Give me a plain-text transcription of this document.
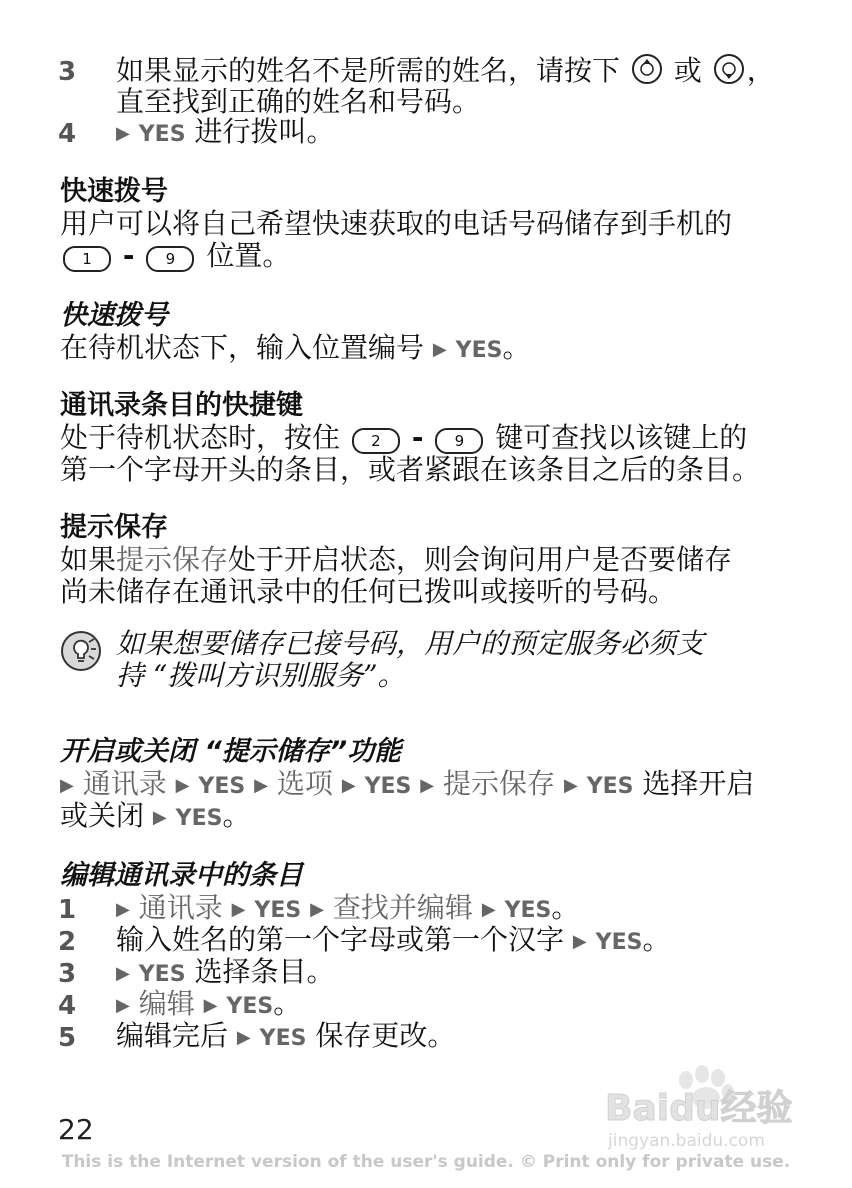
3 如果显示的姓名不是所需的姓名，请按下 或 ，
直至找到正确的姓名和号码。
4 ▶ YES 进行拨叫。
快速拨号
用户可以将自己希望快速获取的电话号码储存到手机的
1 - 9 位置。
快速拨号
在待机状态下，输入位置编号 ▶ YES。
通讯录条目的快捷键
处于待机状态时，按住 2 - 9 键可查找以该键上的
第一个字母开头的条目，或者紧跟在该条目之后的条目。
提示保存
如果提示保存处于开启状态，则会询问用户是否要储存
尚未储存在通讯录中的任何已拨叫或接听的号码。
如果想要储存已接号码，用户的预定服务必须支
持 “拨叫方识别服务”。
开启或关闭 “提示储存”功能
▶ 通讯录 ▶ YES ▶ 选项 ▶ YES ▶ 提示保存 ▶ YES 选择开启
或关闭 ▶ YES。
编辑通讯录中的条目
1 ▶ 通讯录 ▶ YES ▶ 查找并编辑 ▶ YES。
2 输入姓名的第一个字母或第一个汉字 ▶ YES。
3 ▶ YES 选择条目。
4 ▶ 编辑 ▶ YES。
5 编辑完后 ▶ YES 保存更改。
Baidu经验
jingyan.baidu.com
22
This is the Internet version of the user's guide. © Print only for private use.
